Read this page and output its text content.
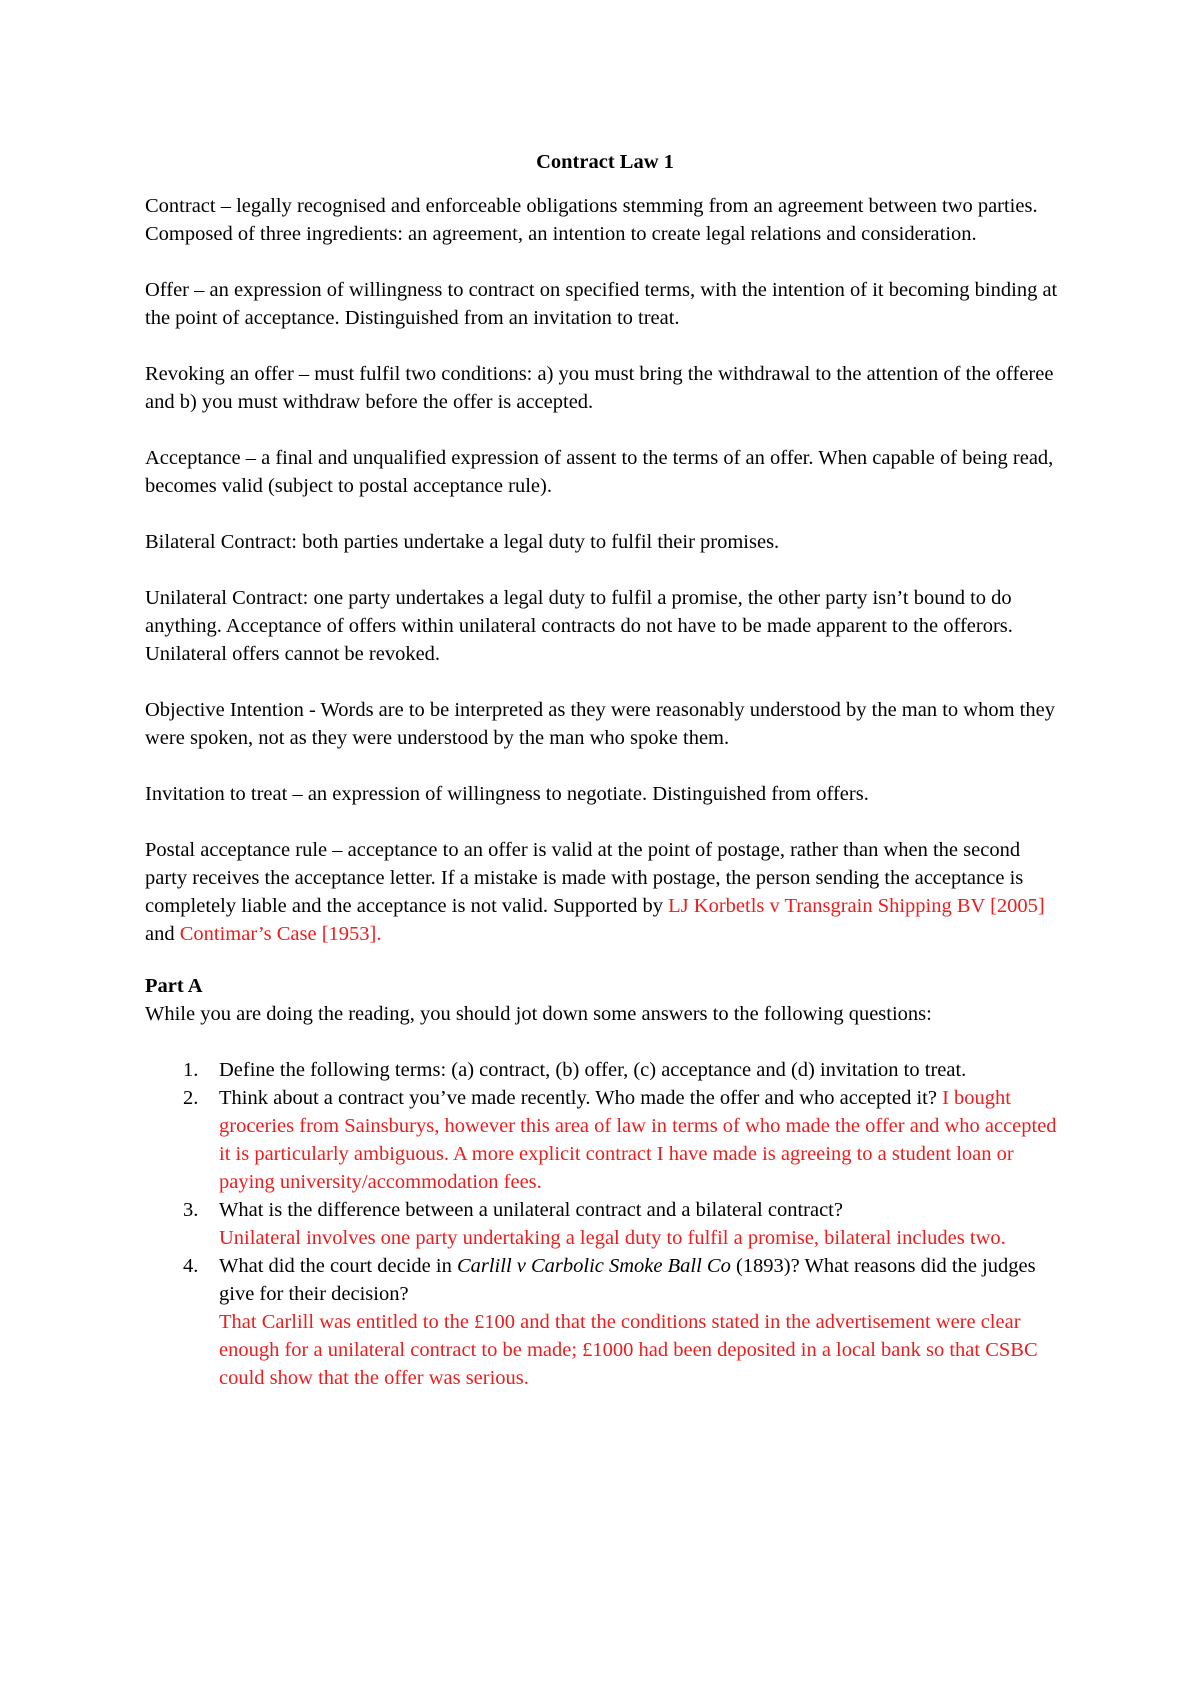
Contract Law 1

Contract – legally recognised and enforceable obligations stemming from an agreement between two parties. Composed of three ingredients: an agreement, an intention to create legal relations and consideration.

Offer – an expression of willingness to contract on specified terms, with the intention of it becoming binding at the point of acceptance. Distinguished from an invitation to treat.

Revoking an offer – must fulfil two conditions: a) you must bring the withdrawal to the attention of the offeree and b) you must withdraw before the offer is accepted.

Acceptance – a final and unqualified expression of assent to the terms of an offer. When capable of being read, becomes valid (subject to postal acceptance rule).

Bilateral Contract: both parties undertake a legal duty to fulfil their promises.

Unilateral Contract: one party undertakes a legal duty to fulfil a promise, the other party isn’t bound to do anything. Acceptance of offers within unilateral contracts do not have to be made apparent to the offerors. Unilateral offers cannot be revoked.

Objective Intention - Words are to be interpreted as they were reasonably understood by the man to whom they were spoken, not as they were understood by the man who spoke them.

Invitation to treat – an expression of willingness to negotiate. Distinguished from offers.

Postal acceptance rule – acceptance to an offer is valid at the point of postage, rather than when the second party receives the acceptance letter. If a mistake is made with postage, the person sending the acceptance is completely liable and the acceptance is not valid. Supported by LJ Korbetls v Transgrain Shipping BV [2005] and Contimar’s Case [1953].

Part A

While you are doing the reading, you should jot down some answers to the following questions:

1. Define the following terms: (a) contract, (b) offer, (c) acceptance and (d) invitation to treat.
2. Think about a contract you’ve made recently. Who made the offer and who accepted it? I bought groceries from Sainsburys, however this area of law in terms of who made the offer and who accepted it is particularly ambiguous. A more explicit contract I have made is agreeing to a student loan or paying university/accommodation fees.
3. What is the difference between a unilateral contract and a bilateral contract?
Unilateral involves one party undertaking a legal duty to fulfil a promise, bilateral includes two.
4. What did the court decide in Carlill v Carbolic Smoke Ball Co (1893)? What reasons did the judges give for their decision?
That Carlill was entitled to the £100 and that the conditions stated in the advertisement were clear enough for a unilateral contract to be made; £1000 had been deposited in a local bank so that CSBC could show that the offer was serious.
